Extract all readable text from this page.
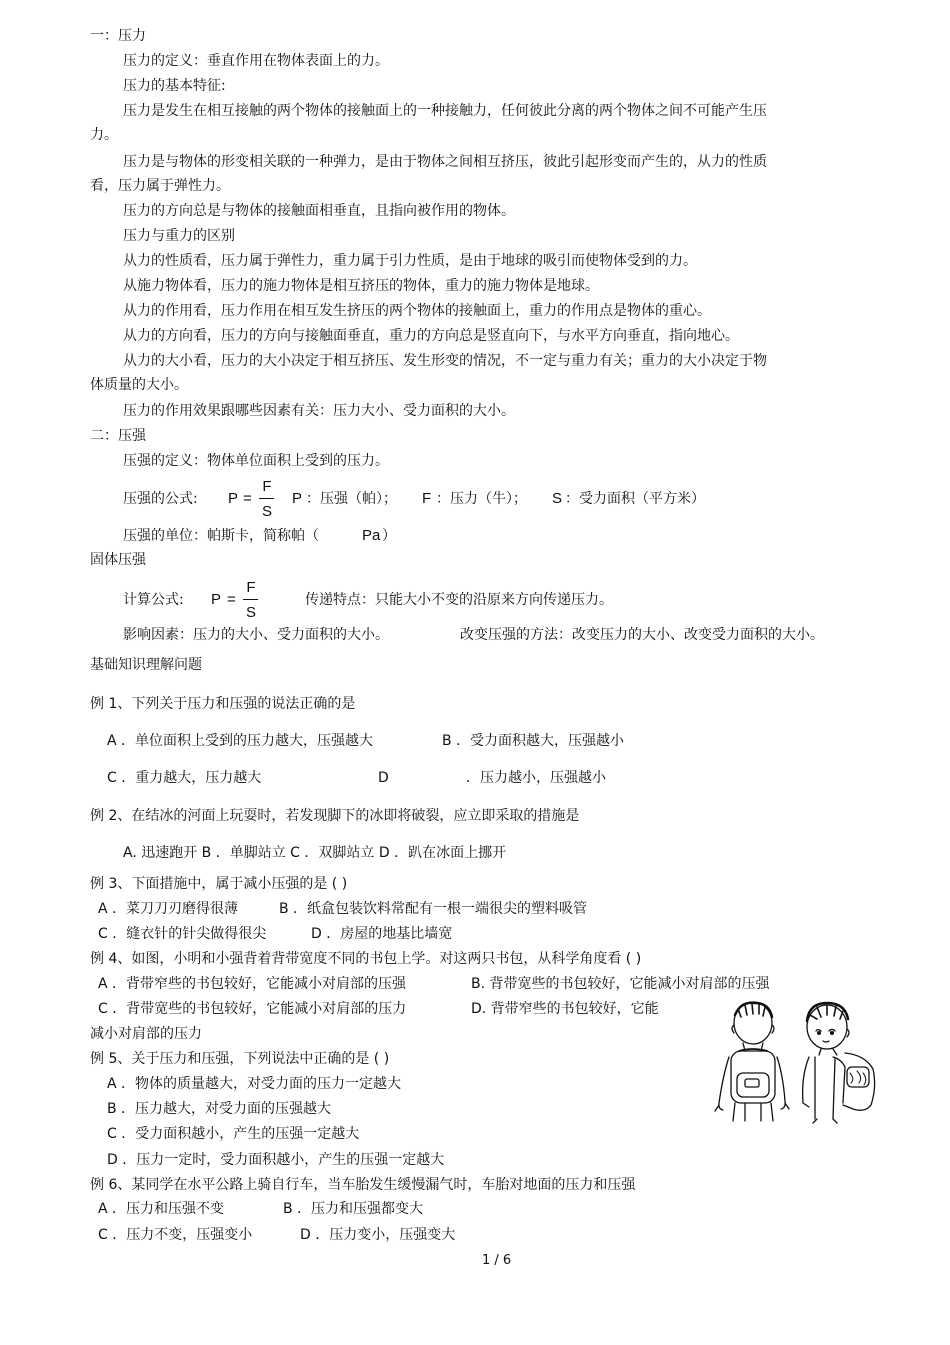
一：压力
压力的定义：垂直作用在物体表面上的力。
压力的基本特征:
压力是发生在相互接触的两个物体的接触面上的一种接触力，任何彼此分离的两个物体之间不可能产生压
力。
压力是与物体的形变相关联的一种弹力，是由于物体之间相互挤压，彼此引起形变而产生的，从力的性质
看，压力属于弹性力。
压力的方向总是与物体的接触面相垂直，且指向被作用的物体。
压力与重力的区别
从力的性质看，压力属于弹性力，重力属于引力性质，是由于地球的吸引而使物体受到的力。
从施力物体看，压力的施力物体是相互挤压的物体，重力的施力物体是地球。
从力的作用看，压力作用在相互发生挤压的两个物体的接触面上，重力的作用点是物体的重心。
从力的方向看，压力的方向与接触面垂直，重力的方向总是竖直向下，与水平方向垂直，指向地心。
从力的大小看，压力的大小决定于相互挤压、发生形变的情况，不一定与重力有关；重力的大小决定于物
体质量的大小。
压力的作用效果跟哪些因素有关：压力大小、受力面积的大小。
二：压强
压强的定义：物体单位面积上受到的压力。
压强的公式: P =
F
S
P ：压强（帕）； F ：压力（牛）； S ：受力面积（平方米）
压强的单位：帕斯卡，简称帕（	Pa ）
固体压强
计算公式: P =
F
S
传递特点：只能大小不变的沿原来方向传递压力。
影响因素：压力的大小、受力面积的大小。	改变压强的方法：改变压力的大小、改变受力面积的大小。
基础知识理解问题
例 1、下列关于压力和压强的说法正确的是
A ．单位面积上受到的压力越大，压强越大	B ．受力面积越大，压强越小
C ．重力越大，压力越大	D	．压力越小，压强越小
例 2、在结冰的河面上玩耍时，若发现脚下的冰即将破裂，应立即采取的措施是
A. 迅速跑开 B ．单脚站立 C ．双脚站立 D ．趴在冰面上挪开
例 3、下面措施中，属于减小压强的是 ( )
A ．菜刀刀刃磨得很薄	B ．纸盒包装饮料常配有一根一端很尖的塑料吸管
C ．缝衣针的针尖做得很尖	D ．房屋的地基比墙宽
例 4、如图，小明和小强背着背带宽度不同的书包上学。对这两只书包，从科学角度看 ( )
A ．背带窄些的书包较好，它能减小对肩部的压强	B. 背带宽些的书包较好，它能减小对肩部的压强
C ．背带宽些的书包较好，它能减小对肩部的压力	D. 背带窄些的书包较好，它能
减小对肩部的压力
例 5、关于压力和压强，下列说法中正确的是 ( )
A ．物体的质量越大，对受力面的压力一定越大
B ．压力越大，对受力面的压强越大
C ．受力面积越小，产生的压强一定越大
D ．压力一定时，受力面积越小，产生的压强一定越大
例 6、某同学在水平公路上骑自行车，当车胎发生缓慢漏气时，车胎对地面的压力和压强
A ．压力和压强不变	B ．压力和压强都变大
C ．压力不变，压强变小	D ．压力变小，压强变大
1 / 6
